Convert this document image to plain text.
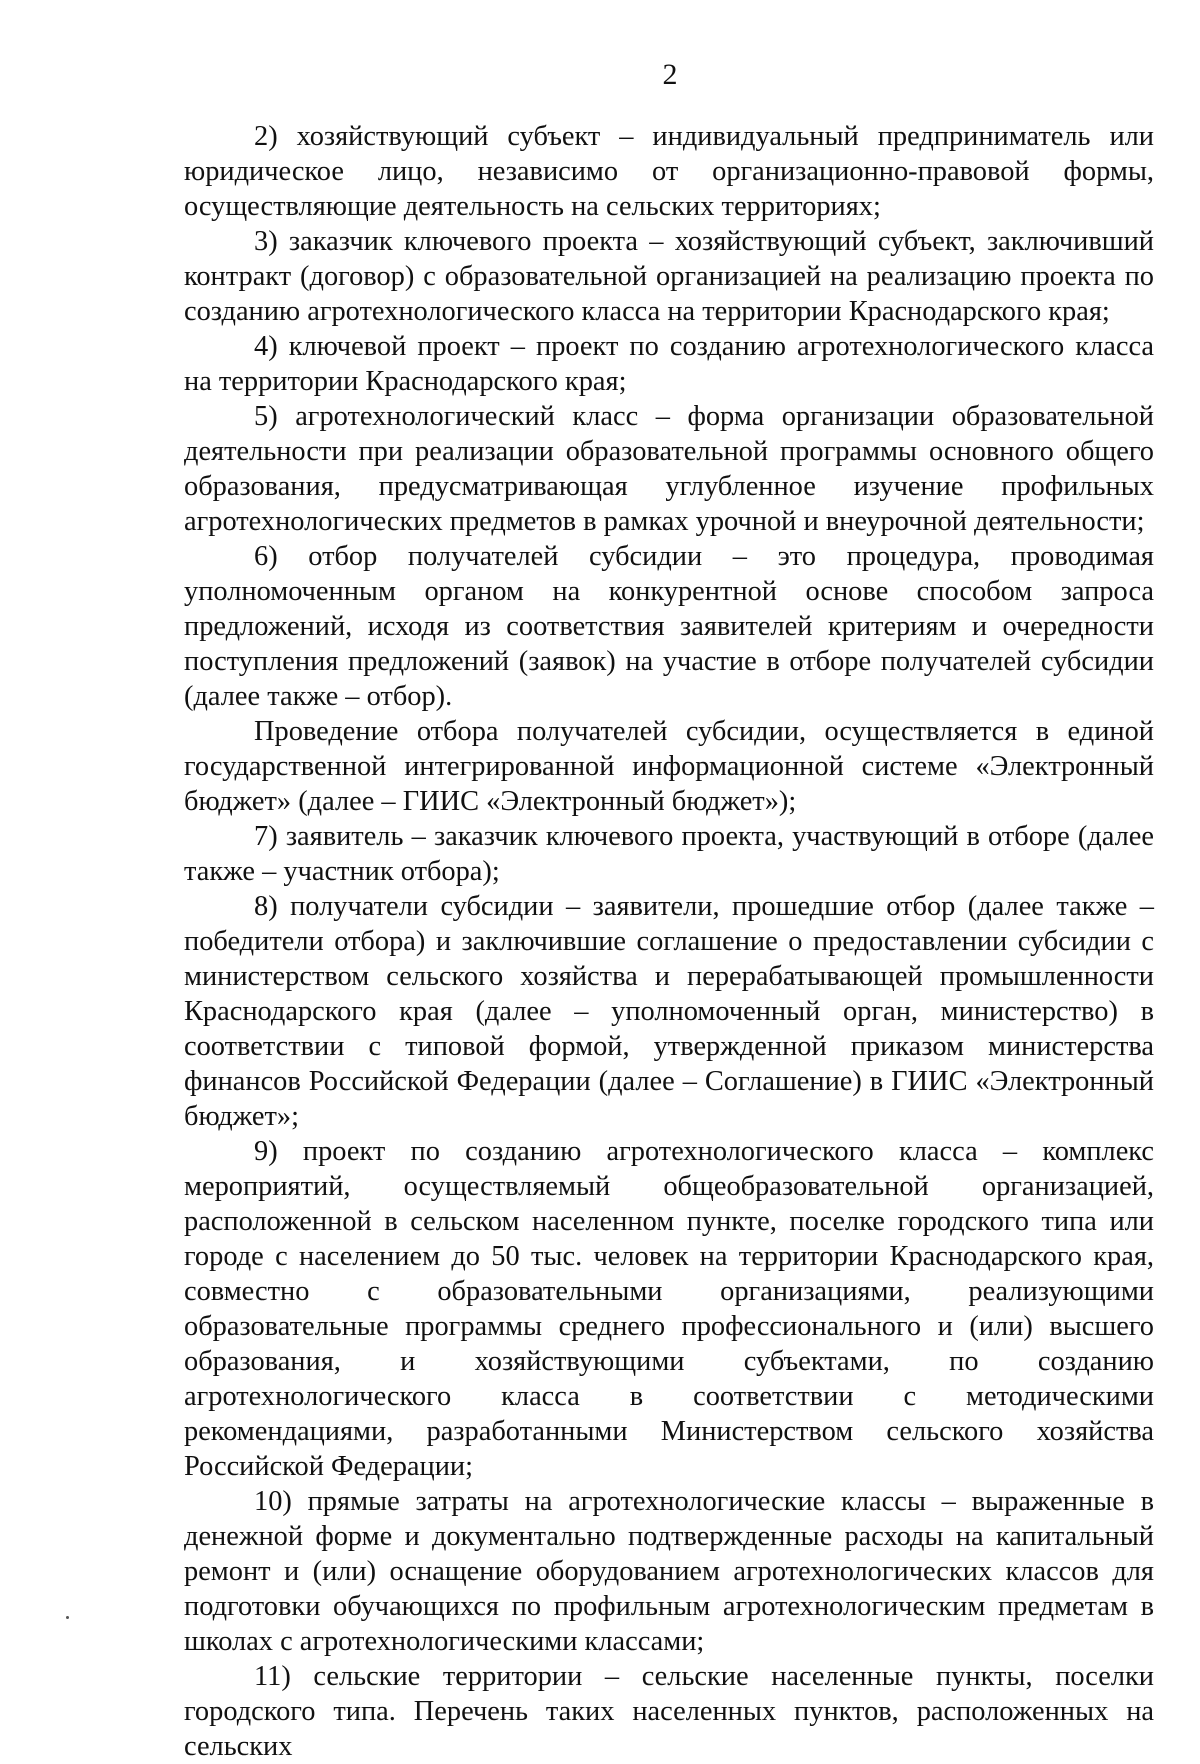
2

2) хозяйствующий субъект – индивидуальный предприниматель или юридическое лицо, независимо от организационно-правовой формы, осуществляющие деятельность на сельских территориях;

3) заказчик ключевого проекта – хозяйствующий субъект, заключивший контракт (договор) с образовательной организацией на реализацию проекта по созданию агротехнологического класса на территории Краснодарского края;

4) ключевой проект – проект по созданию агротехнологического класса на территории Краснодарского края;

5) агротехнологический класс – форма организации образовательной деятельности при реализации образовательной программы основного общего образования, предусматривающая углубленное изучение профильных агротехнологических предметов в рамках урочной и внеурочной деятельности;

6) отбор получателей субсидии – это процедура, проводимая уполномоченным органом на конкурентной основе способом запроса предложений, исходя из соответствия заявителей критериям и очередности поступления предложений (заявок) на участие в отборе получателей субсидии (далее также – отбор).

Проведение отбора получателей субсидии, осуществляется в единой государственной интегрированной информационной системе «Электронный бюджет» (далее – ГИИС «Электронный бюджет»);

7) заявитель – заказчик ключевого проекта, участвующий в отборе (далее также – участник отбора);

8) получатели субсидии – заявители, прошедшие отбор (далее также – победители отбора) и заключившие соглашение о предоставлении субсидии с министерством сельского хозяйства и перерабатывающей промышленности Краснодарского края (далее – уполномоченный орган, министерство) в соответствии с типовой формой, утвержденной приказом министерства финансов Российской Федерации (далее – Соглашение) в ГИИС «Электронный бюджет»;

9) проект по созданию агротехнологического класса – комплекс мероприятий, осуществляемый общеобразовательной организацией, расположенной в сельском населенном пункте, поселке городского типа или городе с населением до 50 тыс. человек на территории Краснодарского края, совместно с образовательными организациями, реализующими образовательные программы среднего профессионального и (или) высшего образования, и хозяйствующими субъектами, по созданию агротехнологического класса в соответствии с методическими рекомендациями, разработанными Министерством сельского хозяйства Российской Федерации;

10) прямые затраты на агротехнологические классы – выраженные в денежной форме и документально подтвержденные расходы на капитальный ремонт и (или) оснащение оборудованием агротехнологических классов для подготовки обучающихся по профильным агротехнологическим предметам в школах с агротехнологическими классами;

11) сельские территории – сельские населенные пункты, поселки городского типа. Перечень таких населенных пунктов, расположенных на сельских
